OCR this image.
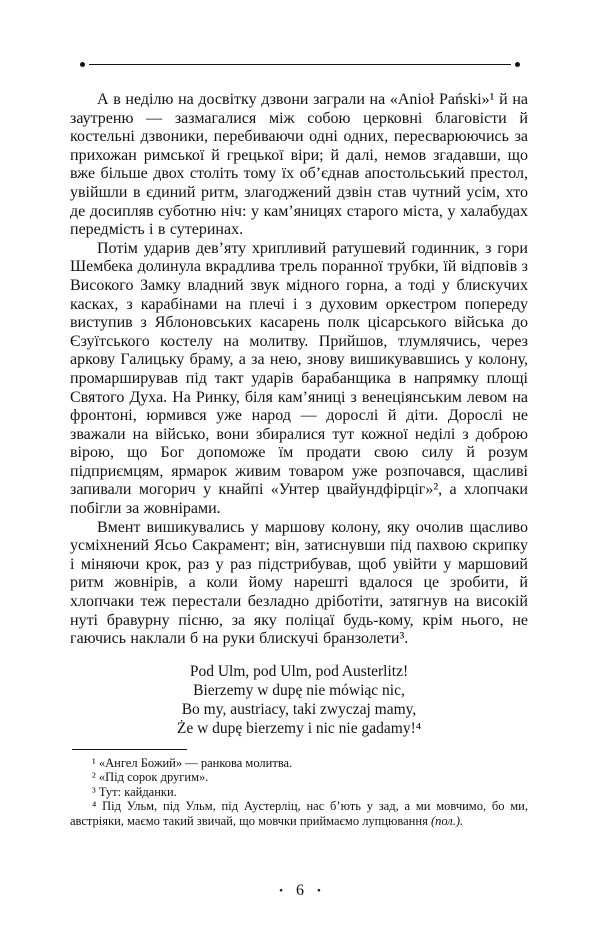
А в неділю на досвітку дзвони заграли на «Anioł Pański»¹ й на заутреню — зазмагалися між собою церковні благовісти й костельні дзвоники, перебиваючи одні одних, пересварюючись за прихожан римської й грецької віри; й далі, немов згадавши, що вже більше двох століть тому їх об’єднав апостольський престол, увійшли в єдиний ритм, злагоджений дзвін став чутний усім, хто де досипляв суботню ніч: у кам’яницях старого міста, у халабудах передмість і в сутеринах.

Потім ударив дев’яту хрипливий ратушевий годинник, з гори Шембека долинула вкрадлива трель поранної трубки, їй відповів з Високого Замку владний звук мідного горна, а тоді у блискучих касках, з карабінами на плечі і з духовим оркестром попереду виступив з Яблоновських касарень полк цісарського війська до Єзуїтського костелу на молитву. Прийшов, тлумлячись, через аркову Галицьку браму, а за нею, знову вишикувавшись у колону, промарширував під такт ударів барабанщика в напрямку площі Святого Духа. На Ринку, біля кам’яниці з венеціянським левом на фронтоні, юрмився уже народ — дорослі й діти. Дорослі не зважали на військо, вони збиралися тут кожної неділі з доброю вірою, що Бог допоможе їм продати свою силу й розум підприємцям, ярмарок живим товаром уже розпочався, щасливі запивали могорич у кнайпі «Унтер цвайундфірціг»², а хлопчаки побігли за жовнірами.

Вмент вишикувались у маршову колону, яку очолив щасливо усміхнений Ясьо Сакрамент; він, затиснувши під пахвою скрипку і міняючи крок, раз у раз підстрибував, щоб увійти у маршовий ритм жовнірів, а коли йому нарешті вдалося це зробити, й хлопчаки теж перестали безладно дріботіти, затягнув на високій нуті бравурну пісню, за яку поліцаї будь-кому, крім нього, не гаючись наклали б на руки блискучі бранзолети³.

Pod Ulm, pod Ulm, pod Austerlitz!
Bierzemy w dupę nie mówiąc nic,
Bo my, austriacy, taki zwyczaj mamy,
Że w dupę bierzemy i nic nie gadamy!⁴

¹ «Ангел Божий» — ранкова молитва.

² «Під сорок другим».

³ Тут: кайданки.

⁴ Під Ульм, під Ульм, під Аустерліц, нас б’ють у зад, а ми мовчимо, бо ми, австріяки, маємо такий звичай, що мовчки приймаємо лупцювання (пол.).

• 6 •
